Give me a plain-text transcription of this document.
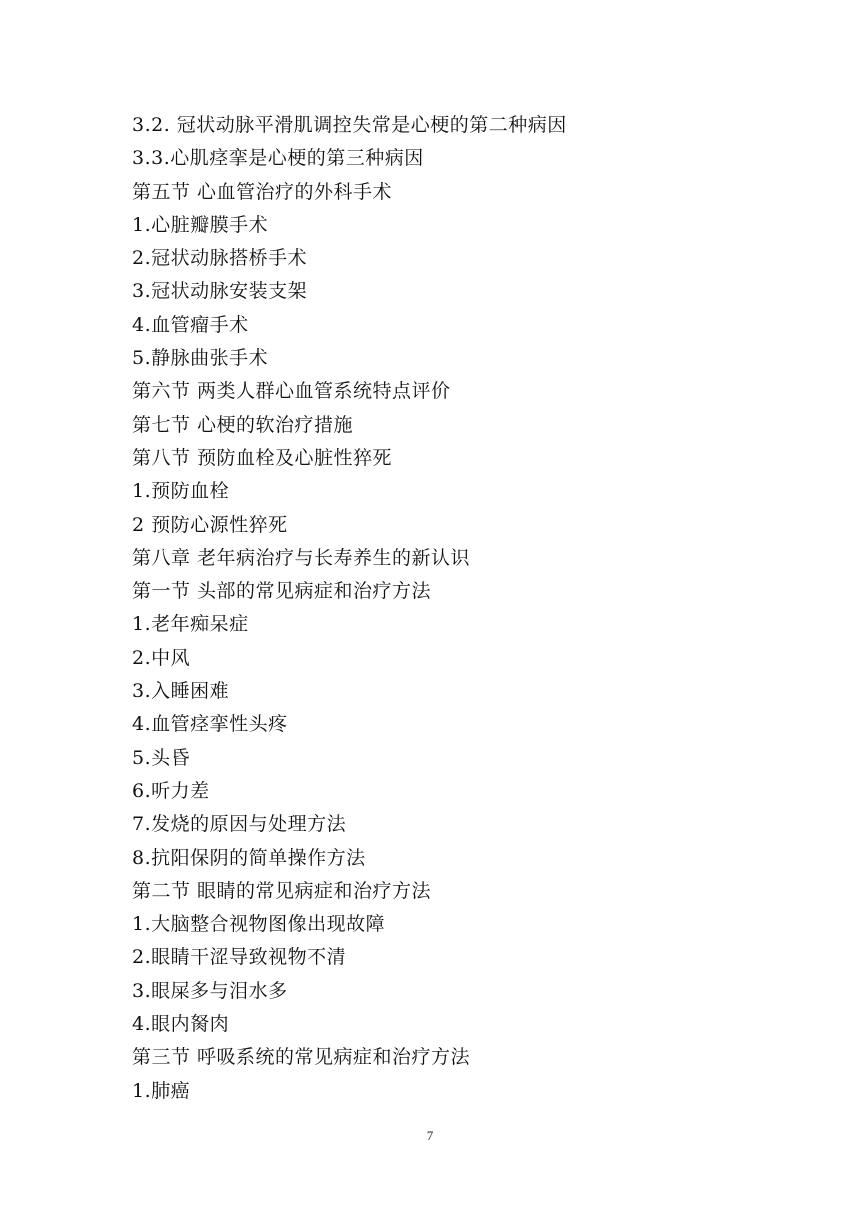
3.2. 冠状动脉平滑肌调控失常是心梗的第二种病因
3.3.心肌痉挛是心梗的第三种病因
第五节 心血管治疗的外科手术
1.心脏瓣膜手术
2.冠状动脉搭桥手术
3.冠状动脉安装支架
4.血管瘤手术
5.静脉曲张手术
第六节 两类人群心血管系统特点评价
第七节 心梗的软治疗措施
第八节 预防血栓及心脏性猝死
1.预防血栓
2 预防心源性猝死
第八章 老年病治疗与长寿养生的新认识
第一节 头部的常见病症和治疗方法
1.老年痴呆症
2.中风
3.入睡困难
4.血管痉挛性头疼
5.头昏
6.听力差
7.发烧的原因与处理方法
8.抗阳保阴的简单操作方法
第二节 眼睛的常见病症和治疗方法
1.大脑整合视物图像出现故障
2.眼睛干涩导致视物不清
3.眼屎多与泪水多
4.眼内胬肉
第三节 呼吸系统的常见病症和治疗方法
1.肺癌
7
